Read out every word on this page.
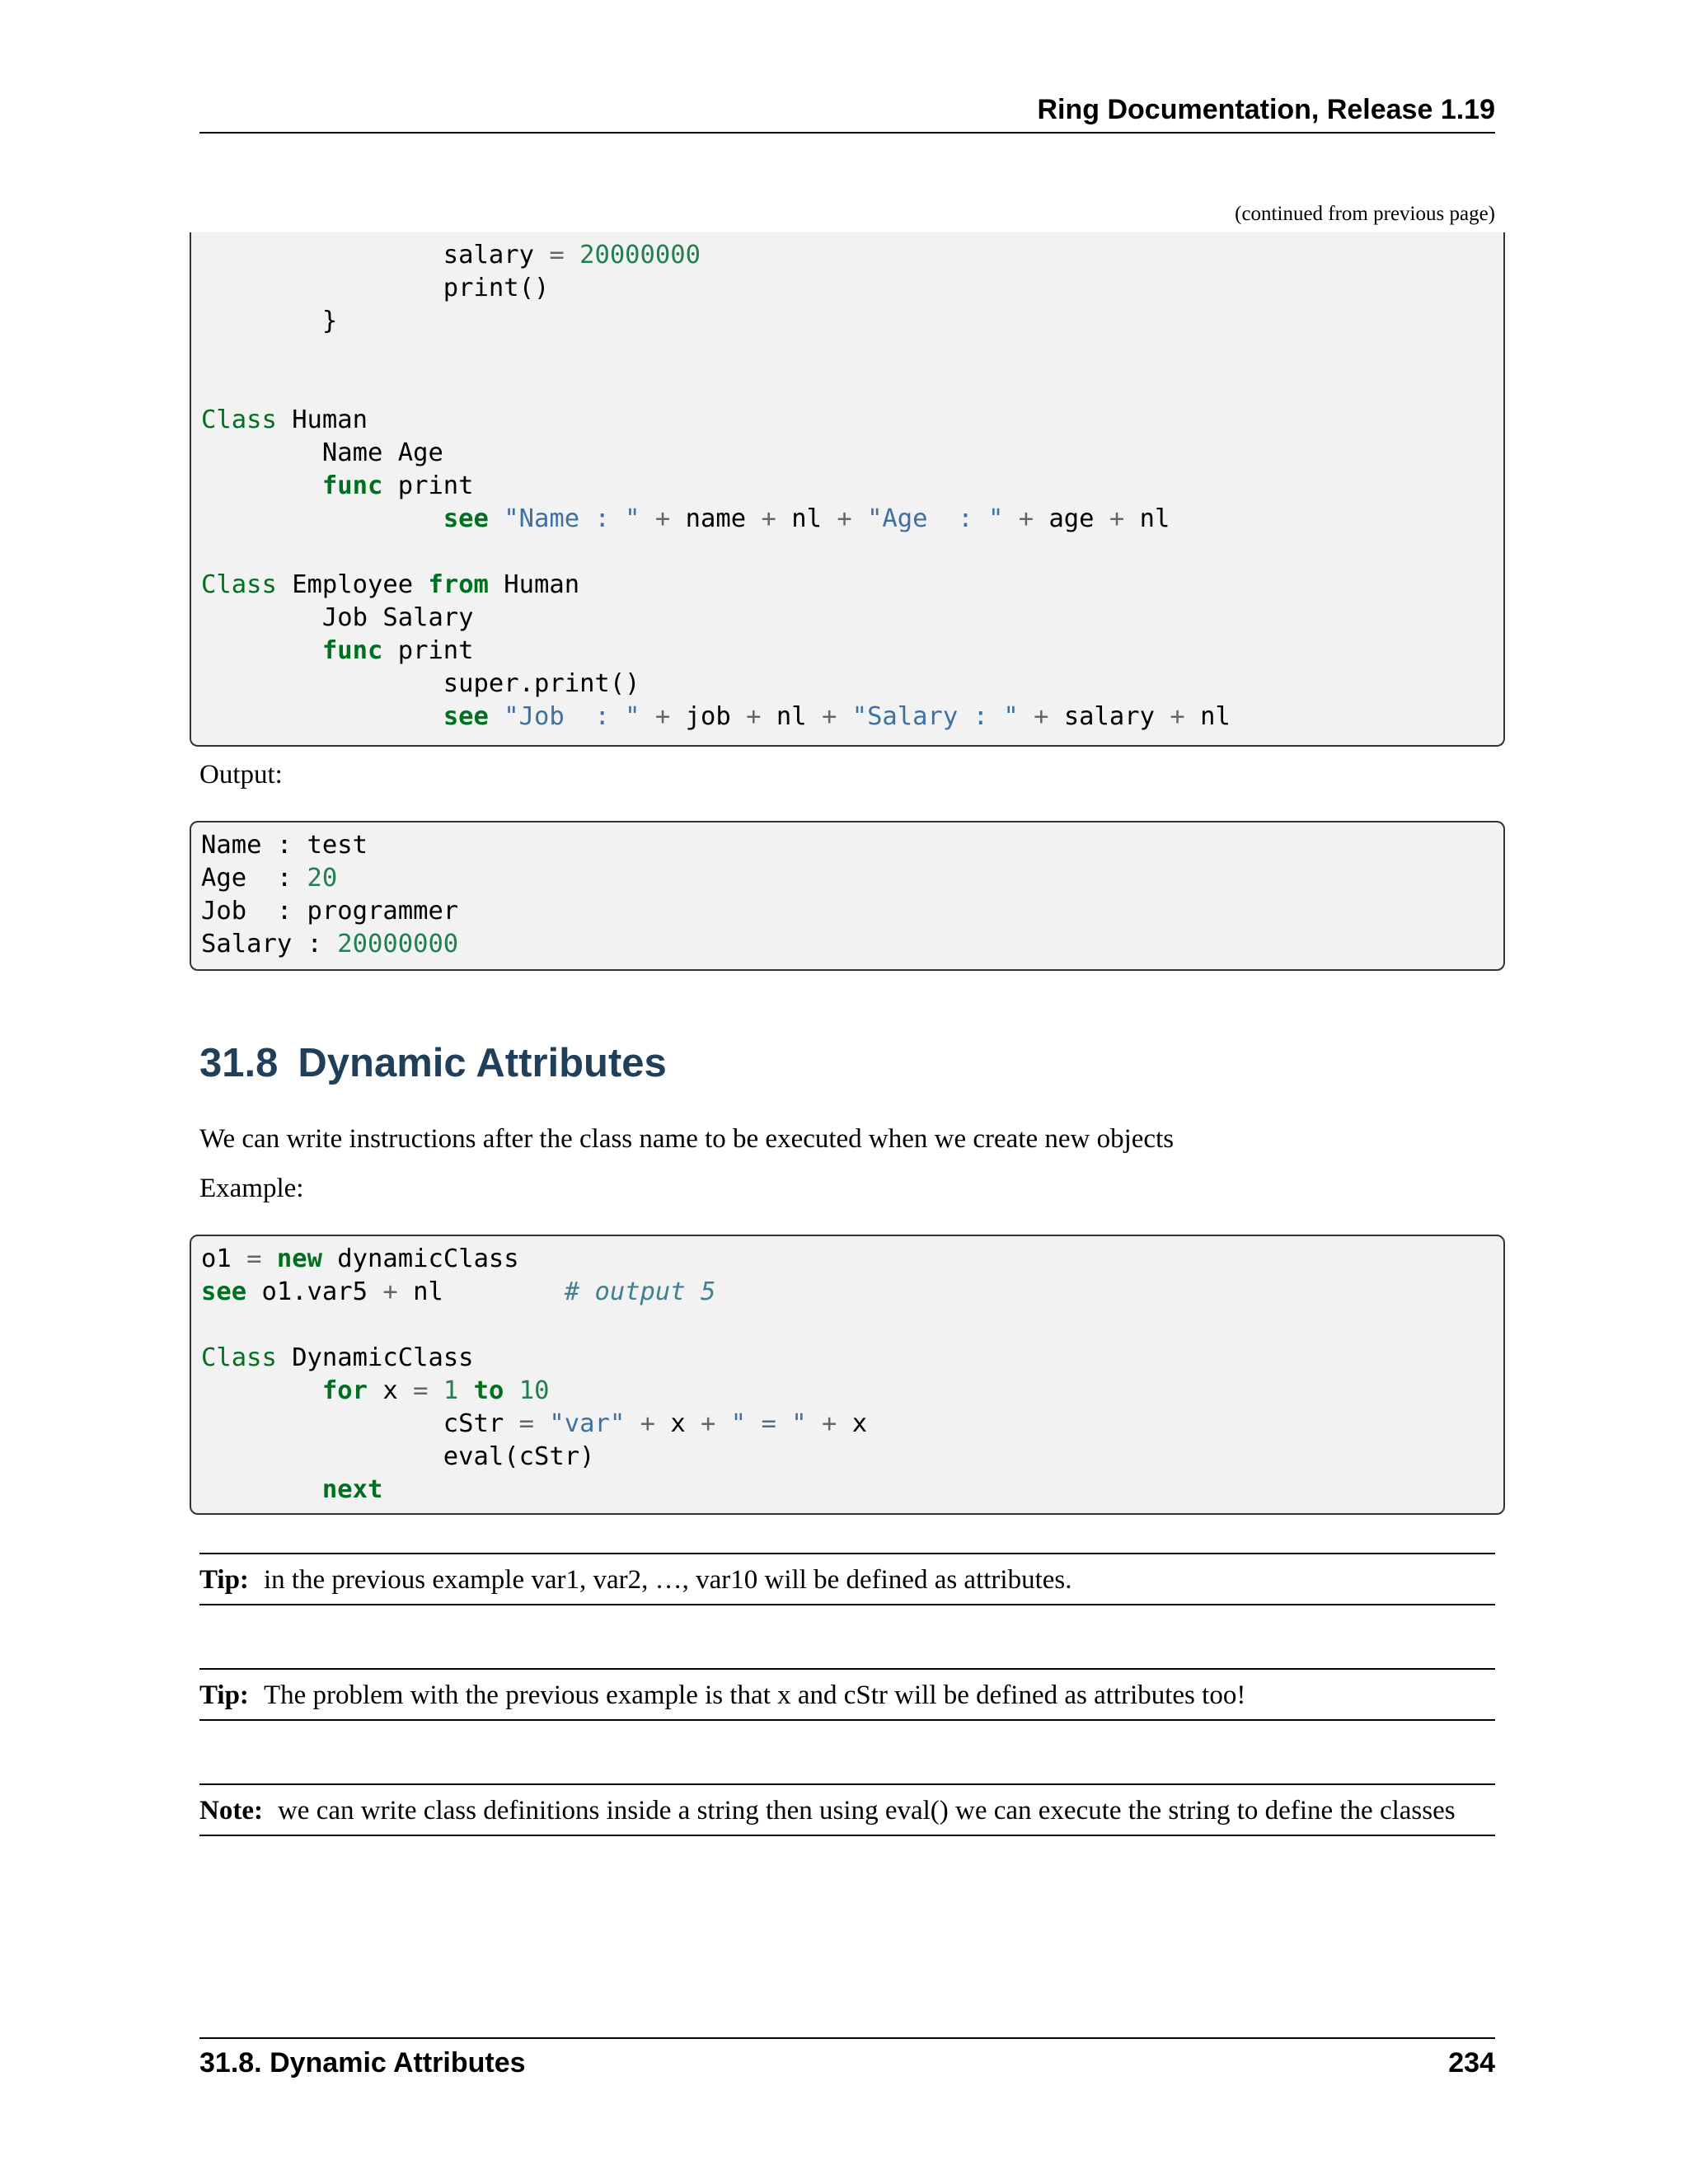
Ring Documentation, Release 1.19
(continued from previous page)
salary = 20000000
print()
}

Class Human
Name Age
func print
see "Name : " + name + nl + "Age  : " + age + nl

Class Employee from Human
Job Salary
func print
super.print()
see "Job  : " + job + nl + "Salary : " + salary + nl
Output:
Name : test
Age  : 20
Job  : programmer
Salary : 20000000
31.8 Dynamic Attributes
We can write instructions after the class name to be executed when we create new objects
Example:
o1 = new dynamicClass
see o1.var5 + nl        # output 5

Class DynamicClass
for x = 1 to 10
cStr = "var" + x + " = " + x
eval(cStr)
next
Tip: in the previous example var1, var2, …, var10 will be defined as attributes.
Tip: The problem with the previous example is that x and cStr will be defined as attributes too!
Note: we can write class definitions inside a string then using eval() we can execute the string to define the classes
31.8. Dynamic Attributes	234
